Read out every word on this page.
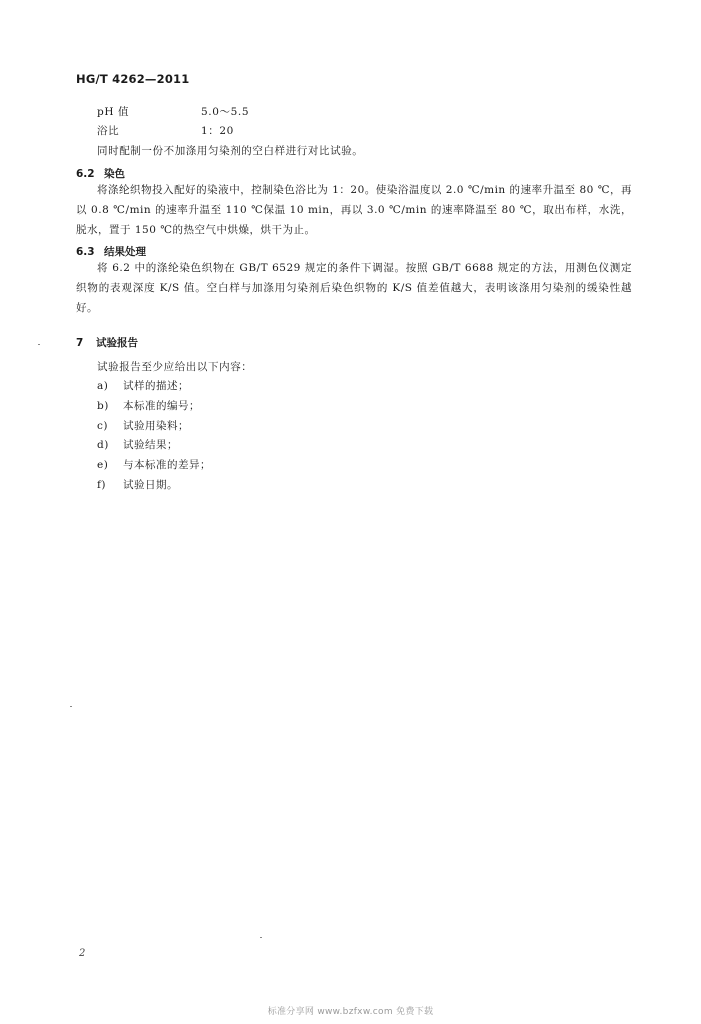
HG/T 4262—2011
pH 值	5.0～5.5
浴比	1：20
同时配制一份不加涤用匀染剂的空白样进行对比试验。
6.2 染色
将涤纶织物投入配好的染液中，控制染色浴比为 1：20。使染浴温度以 2.0 ℃/min 的速率升温至 80 ℃，再以 0.8 ℃/min 的速率升温至 110 ℃保温 10 min，再以 3.0 ℃/min 的速率降温至 80 ℃，取出布样，水洗，脱水，置于 150 ℃的热空气中烘燥，烘干为止。
6.3 结果处理
将 6.2 中的涤纶染色织物在 GB/T 6529 规定的条件下调湿。按照 GB/T 6688 规定的方法，用测色仪测定织物的表观深度 K/S 值。空白样与加涤用匀染剂后染色织物的 K/S 值差值越大，表明该涤用匀染剂的缓染性越好。
7 试验报告
试验报告至少应给出以下内容：
a) 试样的描述；
b) 本标准的编号；
c) 试验用染料；
d) 试验结果；
e) 与本标准的差异；
f) 试验日期。
2
标准分享网 www.bzfxw.com 免费下载
